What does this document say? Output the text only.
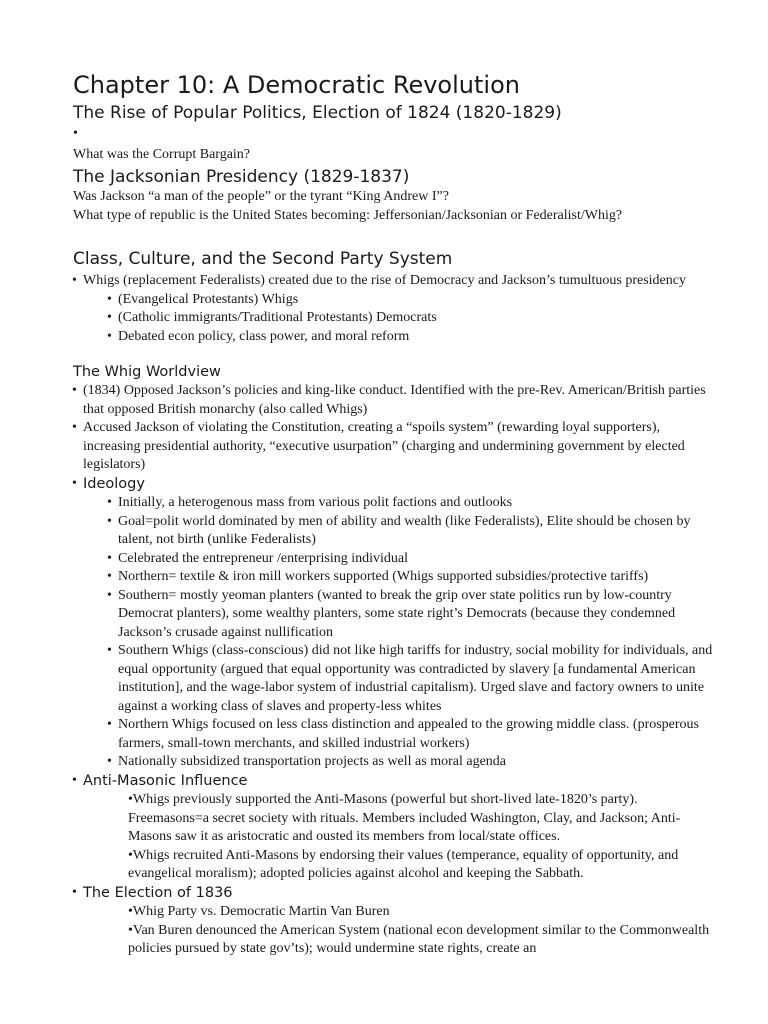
Chapter 10: A Democratic Revolution
The Rise of Popular Politics, Election of 1824 (1820-1829)
•
What was the Corrupt Bargain?
The Jacksonian Presidency (1829-1837)
Was Jackson “a man of the people” or the tyrant “King Andrew I”?
What type of republic is the United States becoming: Jeffersonian/Jacksonian or Federalist/Whig?
Class, Culture, and the Second Party System
• Whigs (replacement Federalists) created due to the rise of Democracy and Jackson’s tumultuous presidency
• (Evangelical Protestants) Whigs
• (Catholic immigrants/Traditional Protestants) Democrats
• Debated econ policy, class power, and moral reform
The Whig Worldview
• (1834) Opposed Jackson’s policies and king-like conduct. Identified with the pre-Rev. American/British parties that opposed British monarchy (also called Whigs)
• Accused Jackson of violating the Constitution, creating a “spoils system” (rewarding loyal supporters), increasing presidential authority, “executive usurpation” (charging and undermining government by elected legislators)
• Ideology
• Initially, a heterogenous mass from various polit factions and outlooks
• Goal=polit world dominated by men of ability and wealth (like Federalists), Elite should be chosen by talent, not birth (unlike Federalists)
• Celebrated the entrepreneur /enterprising individual
• Northern= textile & iron mill workers supported (Whigs supported subsidies/protective tariffs)
• Southern= mostly yeoman planters (wanted to break the grip over state politics run by low-country Democrat planters), some wealthy planters, some state right’s Democrats (because they condemned Jackson’s crusade against nullification
• Southern Whigs (class-conscious) did not like high tariffs for industry, social mobility for individuals, and equal opportunity (argued that equal opportunity was contradicted by slavery [a fundamental American institution], and the wage-labor system of industrial capitalism). Urged slave and factory owners to unite against a working class of slaves and property-less whites
• Northern Whigs focused on less class distinction and appealed to the growing middle class. (prosperous farmers, small-town merchants, and skilled industrial workers)
• Nationally subsidized transportation projects as well as moral agenda
• Anti-Masonic Influence
•Whigs previously supported the Anti-Masons (powerful but short-lived late-1820’s party). Freemasons=a secret society with rituals. Members included Washington, Clay, and Jackson; Anti-Masons saw it as aristocratic and ousted its members from local/state offices.
•Whigs recruited Anti-Masons by endorsing their values (temperance, equality of opportunity, and evangelical moralism); adopted policies against alcohol and keeping the Sabbath.
• The Election of 1836
•Whig Party vs. Democratic Martin Van Buren
•Van Buren denounced the American System (national econ development similar to the Commonwealth policies pursued by state gov’ts); would undermine state rights, create an
